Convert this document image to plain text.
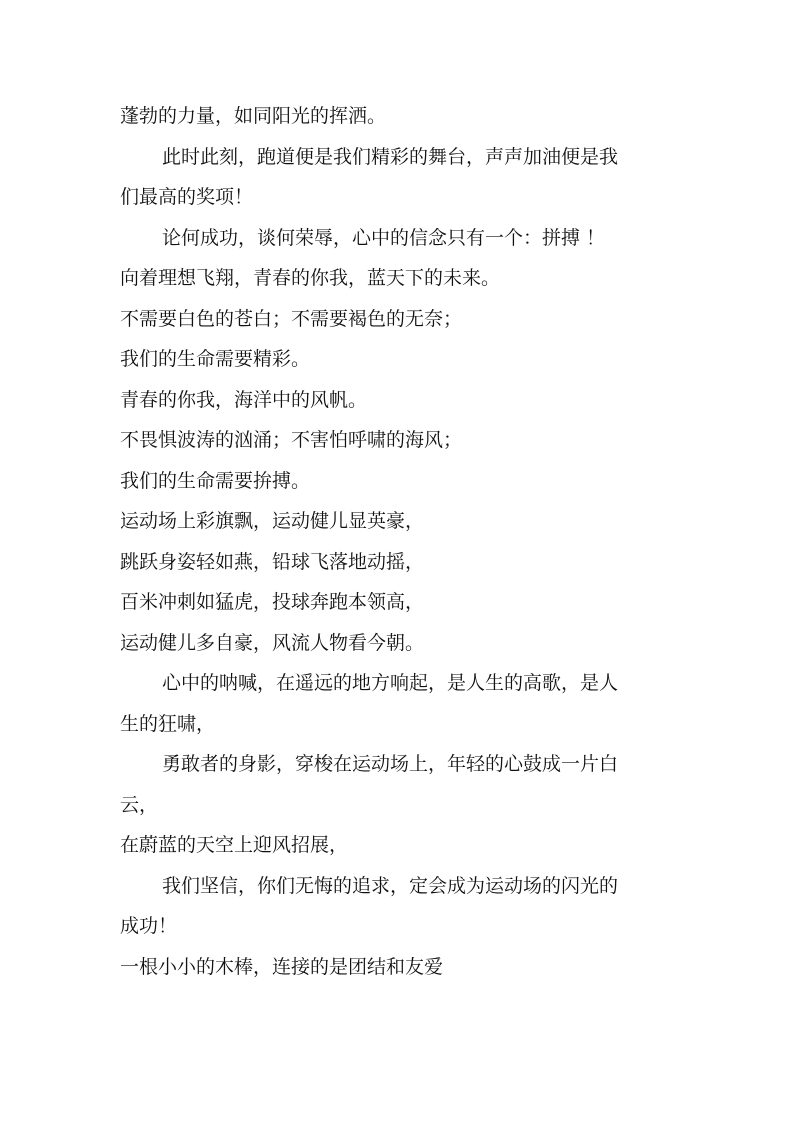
蓬勃的力量，如同阳光的挥洒。
此时此刻，跑道便是我们精彩的舞台，声声加油便是我
们最高的奖项！
论何成功，谈何荣辱，心中的信念只有一个：拼搏 ！
向着理想飞翔，青春的你我，蓝天下的未来。
不需要白色的苍白；不需要褐色的无奈；
我们的生命需要精彩。
青春的你我，海洋中的风帆。
不畏惧波涛的汹涌；不害怕呼啸的海风；
我们的生命需要拚搏。
运动场上彩旗飘，运动健儿显英豪，
跳跃身姿轻如燕，铅球飞落地动摇，
百米冲刺如猛虎，投球奔跑本领高，
运动健儿多自豪，风流人物看今朝。
心中的呐喊，在遥远的地方响起，是人生的高歌，是人
生的狂啸，
勇敢者的身影，穿梭在运动场上，年轻的心鼓成一片白
云，
在蔚蓝的天空上迎风招展，
我们坚信，你们无悔的追求，定会成为运动场的闪光的
成功！
一根小小的木棒，连接的是团结和友爱
